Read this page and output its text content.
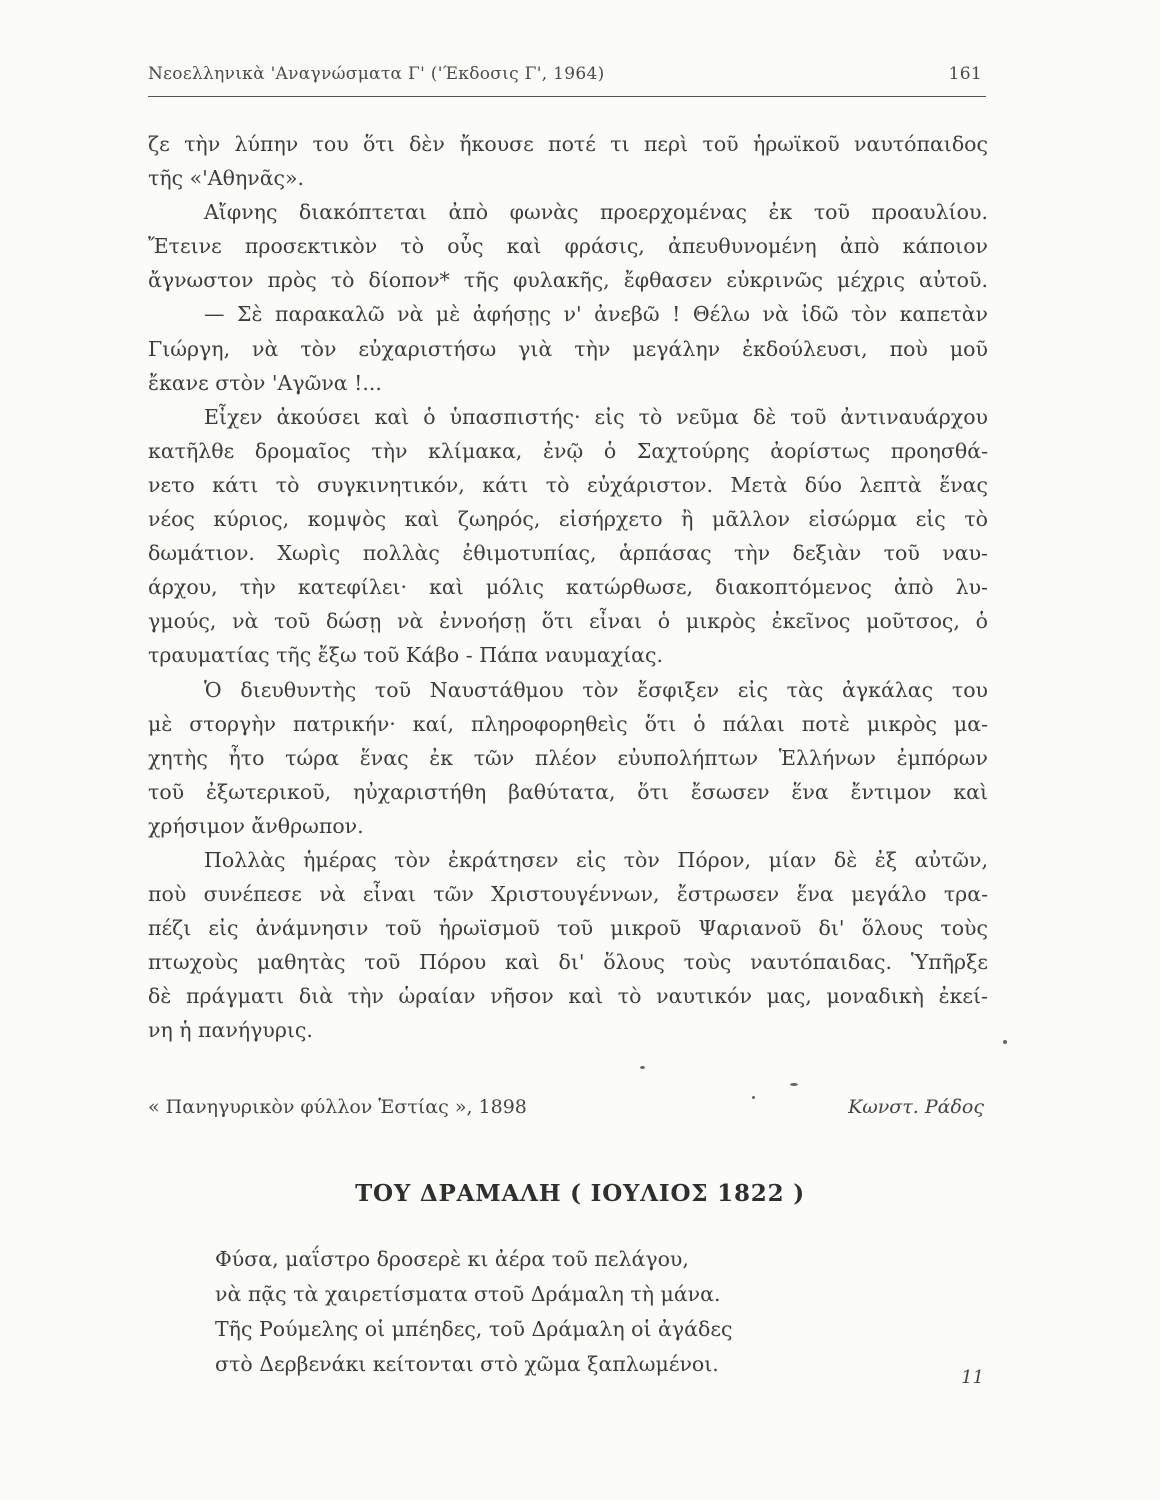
Νεοελληνικὰ 'Αναγνώσματα Γ' ('Έκδοσις Γ', 1964)	161
ζε τὴν λύπην του ὅτι δὲν ἤκουσε ποτέ τι περὶ τοῦ ἡρωϊκοῦ ναυτόπαιδος
τῆς «'Αθηνᾶς».
Αἴφνης διακόπτεται ἀπὸ φωνὰς προερχομένας ἐκ τοῦ προαυλίου.
Ἔτεινε προσεκτικὸν τὸ οὖς καὶ φράσις, ἀπευθυνομένη ἀπὸ κάποιον
ἄγνωστον πρὸς τὸ δίοπον* τῆς φυλακῆς, ἔφθασεν εὐκρινῶς μέχρις αὐτοῦ.
— Σὲ παρακαλῶ νὰ μὲ ἀφήσῃς ν' ἀνεβῶ ! Θέλω νὰ ἰδῶ τὸν καπετὰν
Γιώργη, νὰ τὸν εὐχαριστήσω γιὰ τὴν μεγάλην ἐκδούλευσι, ποὺ μοῦ
ἔκανε στὸν 'Αγῶνα !...
Εἶχεν ἀκούσει καὶ ὁ ὑπασπιστής· εἰς τὸ νεῦμα δὲ τοῦ ἀντιναυάρχου
κατῆλθε δρομαῖος τὴν κλίμακα, ἐνῷ ὁ Σαχτούρης ἀορίστως προησθά-
νετο κάτι τὸ συγκινητικόν, κάτι τὸ εὐχάριστον. Μετὰ δύο λεπτὰ ἕνας
νέος κύριος, κομψὸς καὶ ζωηρός, εἰσήρχετο ἢ μᾶλλον εἰσώρμα εἰς τὸ
δωμάτιον. Χωρὶς πολλὰς ἐθιμοτυπίας, ἁρπάσας τὴν δεξιὰν τοῦ ναυ-
άρχου, τὴν κατεφίλει· καὶ μόλις κατώρθωσε, διακοπτόμενος ἀπὸ λυ-
γμούς, νὰ τοῦ δώσῃ νὰ ἐννοήσῃ ὅτι εἶναι ὁ μικρὸς ἐκεῖνος μοῦτσος, ὁ
τραυματίας τῆς ἔξω τοῦ Κάβο - Πάπα ναυμαχίας.
Ὁ διευθυντὴς τοῦ Ναυστάθμου τὸν ἔσφιξεν εἰς τὰς ἀγκάλας του
μὲ στοργὴν πατρικήν· καί, πληροφορηθεὶς ὅτι ὁ πάλαι ποτὲ μικρὸς μα-
χητὴς ἦτο τώρα ἕνας ἐκ τῶν πλέον εὐυπολήπτων Ἑλλήνων ἐμπόρων
τοῦ ἐξωτερικοῦ, ηὐχαριστήθη βαθύτατα, ὅτι ἔσωσεν ἕνα ἔντιμον καὶ
χρήσιμον ἄνθρωπον.
Πολλὰς ἡμέρας τὸν ἐκράτησεν εἰς τὸν Πόρον, μίαν δὲ ἐξ αὐτῶν,
ποὺ συνέπεσε νὰ εἶναι τῶν Χριστουγέννων, ἔστρωσεν ἕνα μεγάλο τρα-
πέζι εἰς ἀνάμνησιν τοῦ ἡρωϊσμοῦ τοῦ μικροῦ Ψαριανοῦ δι' ὅλους τοὺς
πτωχοὺς μαθητὰς τοῦ Πόρου καὶ δι' ὅλους τοὺς ναυτόπαιδας. Ὑπῆρξε
δὲ πράγματι διὰ τὴν ὡραίαν νῆσον καὶ τὸ ναυτικόν μας, μοναδικὴ ἐκεί-
νη ἡ πανήγυρις.
« Πανηγυρικὸν φύλλον Ἑστίας », 1898	Κωνστ. Ράδος
ΤΟΥ ΔΡΑΜΑΛΗ ( ΙΟΥΛΙΟΣ 1822 )
Φύσα, μαΐστρο δροσερὲ κι ἀέρα τοῦ πελάγου,
νὰ πᾷς τὰ χαιρετίσματα στοῦ Δράμαλη τὴ μάνα.
Τῆς Ρούμελης οἱ μπέηδες, τοῦ Δράμαλη οἱ ἀγάδες
στὸ Δερβενάκι κείτονται στὸ χῶμα ξαπλωμένοι.
11
